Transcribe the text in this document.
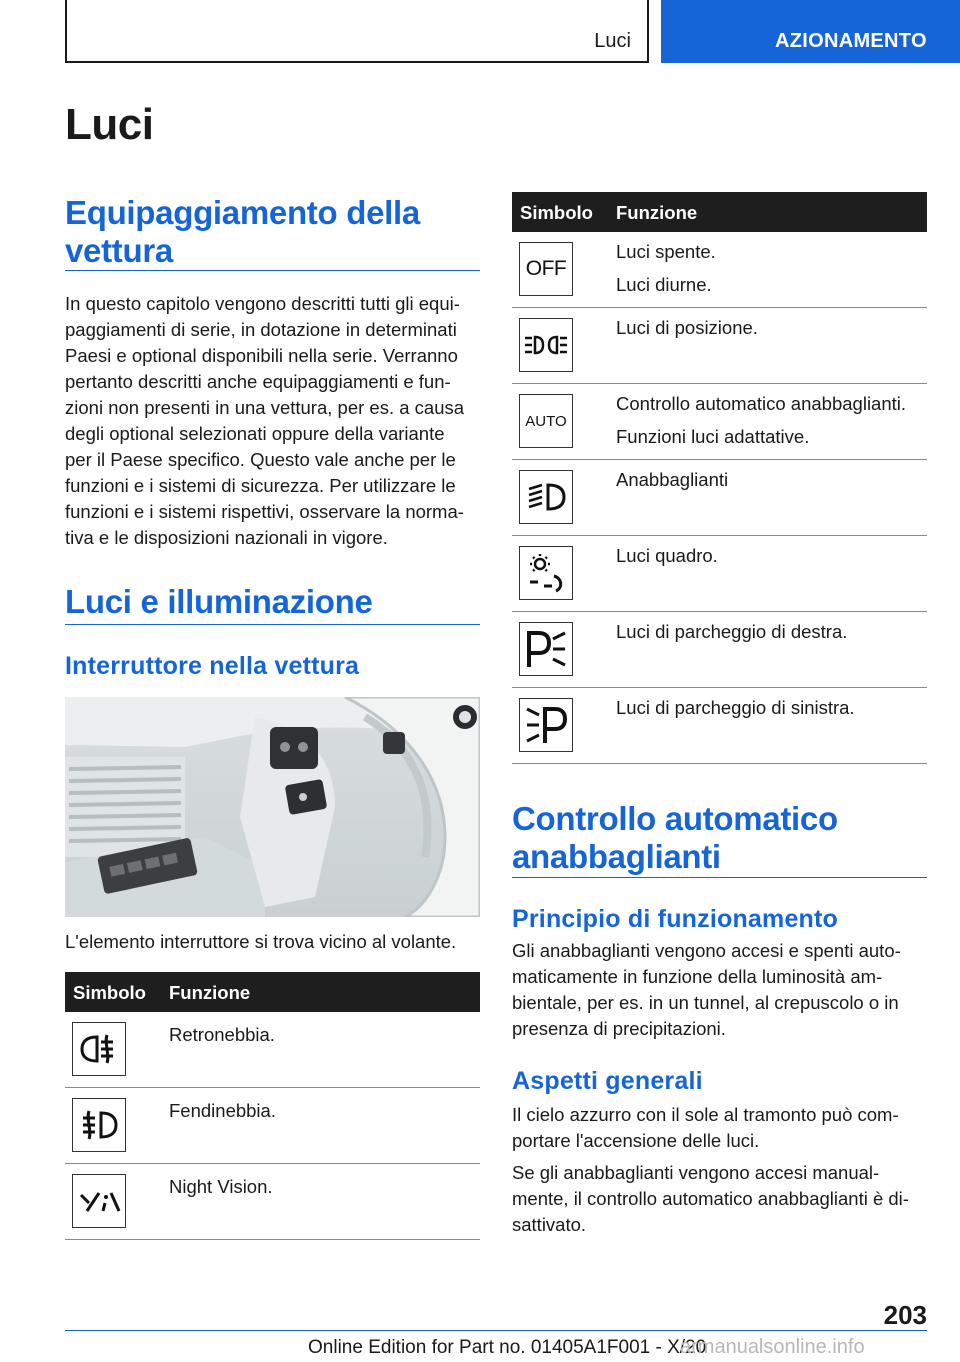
Luci	AZIONAMENTO
Luci
Equipaggiamento della
vettura
In questo capitolo vengono descritti tutti gli equi-
paggiamenti di serie, in dotazione in determinati
Paesi e optional disponibili nella serie. Verranno
pertanto descritti anche equipaggiamenti e fun-
zioni non presenti in una vettura, per es. a causa
degli optional selezionati oppure della variante
per il Paese specifico. Questo vale anche per le
funzioni e i sistemi di sicurezza. Per utilizzare le
funzioni e i sistemi rispettivi, osservare la norma-
tiva e le disposizioni nazionali in vigore.
Luci e illuminazione
Interruttore nella vettura
L'elemento interruttore si trova vicino al volante.
Simbolo Funzione
Retronebbia.
Fendinebbia.
Night Vision.
Simbolo Funzione
OFF
Luci spente.
Luci diurne.
Luci di posizione.
AUTO
Controllo automatico anabbaglianti.
Funzioni luci adattative.
Anabbaglianti
Luci quadro.
Luci di parcheggio di destra.
Luci di parcheggio di sinistra.
Controllo automatico
anabbaglianti
Principio di funzionamento
Gli anabbaglianti vengono accesi e spenti auto-
maticamente in funzione della luminosità am-
bientale, per es. in un tunnel, al crepuscolo o in
presenza di precipitazioni.
Aspetti generali
Il cielo azzurro con il sole al tramonto può com-
portare l'accensione delle luci.
Se gli anabbaglianti vengono accesi manual-
mente, il controllo automatico anabbaglianti è di-
sattivato.
203
Online Edition for Part no. 01405A1F001 - X/20
armanualsonline.info
